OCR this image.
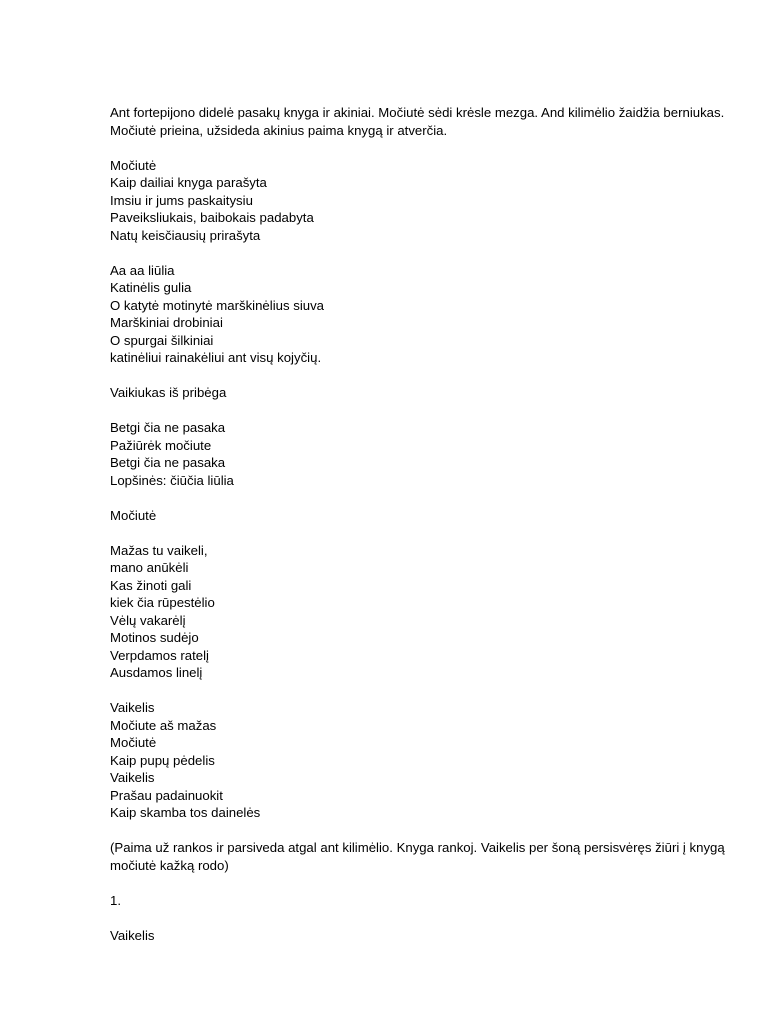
Ant fortepijono didelė pasakų knyga ir akiniai. Močiutė sėdi krėsle mezga. And kilimėlio žaidžia berniukas. Močiutė prieina, užsideda akinius paima knygą ir atverčia.
Močiutė
Kaip dailiai knyga parašyta
Imsiu ir jums paskaitysiu
Paveiksliukais, baibokais padabyta
Natų keisčiausių prirašyta
Aa aa liūlia
Katinėlis gulia
O katytė motinytė marškinėlius siuva
Marškiniai drobiniai
O spurgai šilkiniai
katinėliui rainakėliui ant visų kojyčių.
Vaikiukas iš pribėga
Betgi čia ne pasaka
Pažiūrėk močiute
Betgi čia ne pasaka
Lopšinės: čiūčia liūlia
Močiutė
Mažas tu vaikeli,
mano anūkėli
Kas žinoti gali
kiek čia rūpestėlio
Vėlų vakarėlį
Motinos sudėjo
Verpdamos ratelį
Ausdamos linelį
Vaikelis
Močiute aš mažas
Močiutė
Kaip pupų pėdelis
Vaikelis
Prašau padainuokit
Kaip skamba tos dainelės
(Paima už rankos ir parsiveda atgal ant kilimėlio. Knyga rankoj. Vaikelis per šoną persisvėręs žiūri į knygą močiutė kažką rodo)
1.
Vaikelis
